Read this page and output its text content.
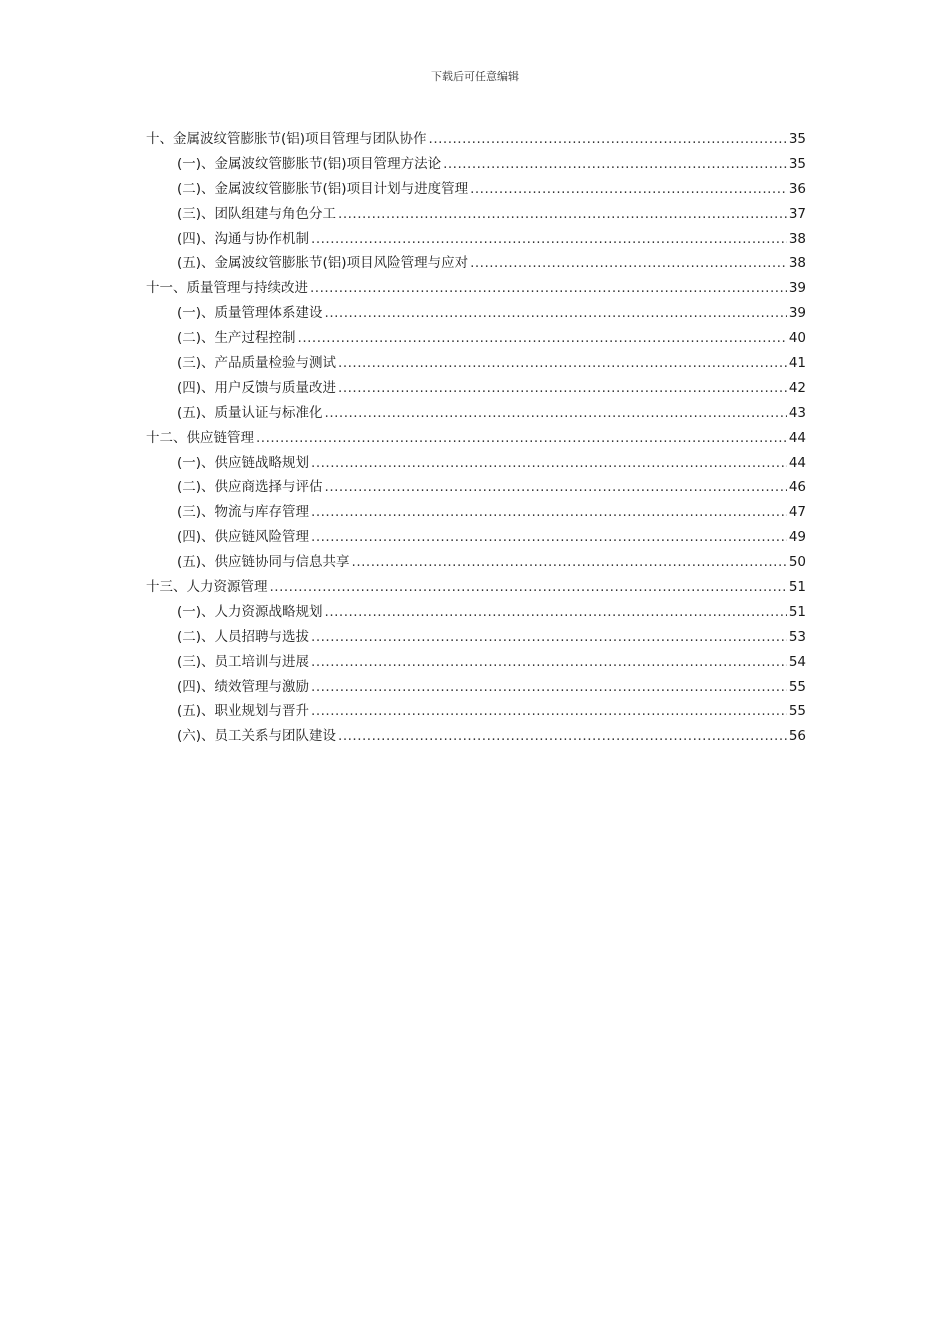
下载后可任意编辑
十、金属波纹管膨胀节(铝)项目管理与团队协作 .....	35
(一)、金属波纹管膨胀节(铝)项目管理方法论 .....	35
(二)、金属波纹管膨胀节(铝)项目计划与进度管理 .....	36
(三)、团队组建与角色分工 .....	37
(四)、沟通与协作机制 .....	38
(五)、金属波纹管膨胀节(铝)项目风险管理与应对 .....	38
十一、质量管理与持续改进 .....	39
(一)、质量管理体系建设 .....	39
(二)、生产过程控制 .....	40
(三)、产品质量检验与测试 .....	41
(四)、用户反馈与质量改进 .....	42
(五)、质量认证与标准化 .....	43
十二、供应链管理 .....	44
(一)、供应链战略规划 .....	44
(二)、供应商选择与评估 .....	46
(三)、物流与库存管理 .....	47
(四)、供应链风险管理 .....	49
(五)、供应链协同与信息共享 .....	50
十三、人力资源管理 .....	51
(一)、人力资源战略规划 .....	51
(二)、人员招聘与选拔 .....	53
(三)、员工培训与进展 .....	54
(四)、绩效管理与激励 .....	55
(五)、职业规划与晋升 .....	55
(六)、员工关系与团队建设 .....	56
